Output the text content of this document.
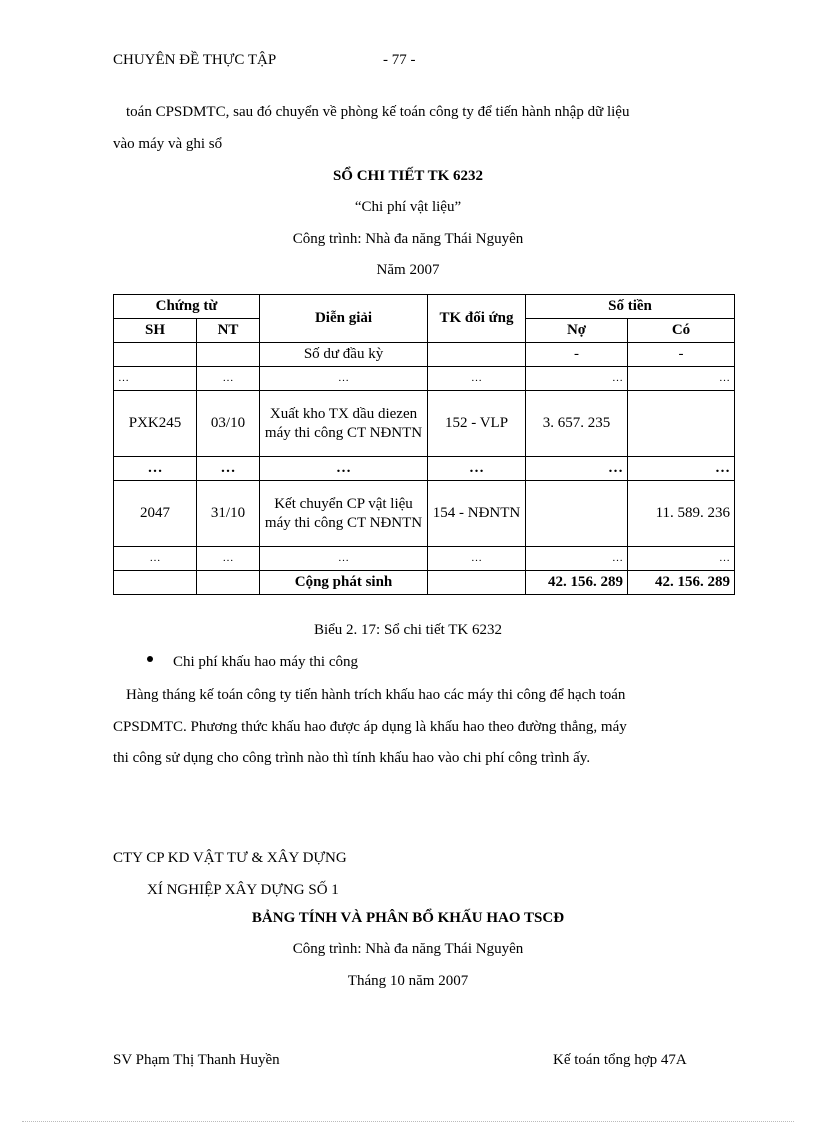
CHUYÊN ĐỀ THỰC TẬP	- 77 -
toán CPSDMTC, sau đó chuyển về phòng kế toán công ty để tiến hành nhập dữ liệu
vào máy và ghi sổ
SỔ CHI TIẾT TK 6232
“Chi phí vật liệu”
Công trình: Nhà đa năng Thái Nguyên
Năm 2007
Chứng từ		Diễn giải	TK đối ứng	Số tiền	
SH	NT			Nợ	Có
		Số dư đầu kỳ		-	-
…	…	…	…	…	…
PXK245	03/10	Xuất kho TX dầu diezen máy thi công CT NĐNTN	152 - VLP	3. 657. 235	
…	…	…	…	…	…
2047	31/10	Kết chuyển CP vật liệu máy thi công CT NĐNTN	154 - NĐNTN		11. 589. 236
…	…	…	…	…	…
		Cộng phát sinh		42. 156. 289	42. 156. 289
Biểu 2. 17: Sổ chi tiết TK 6232
Chi phí khấu hao máy thi công
Hàng tháng kế toán công ty tiến hành trích khấu hao các máy thi công để hạch toán
CPSDMTC. Phương thức khấu hao được áp dụng là khấu hao theo đường thẳng, máy
thi công sử dụng cho công trình nào thì tính khấu hao vào chi phí công trình ấy.
CTY CP KD VẬT TƯ & XÂY DỰNG
XÍ NGHIỆP XÂY DỰNG SỐ 1
BẢNG TÍNH VÀ PHÂN BỔ KHẤU HAO TSCĐ
Công trình: Nhà đa năng Thái Nguyên
Tháng 10 năm 2007
SV Phạm Thị Thanh Huyền	Kế toán tổng hợp 47A
